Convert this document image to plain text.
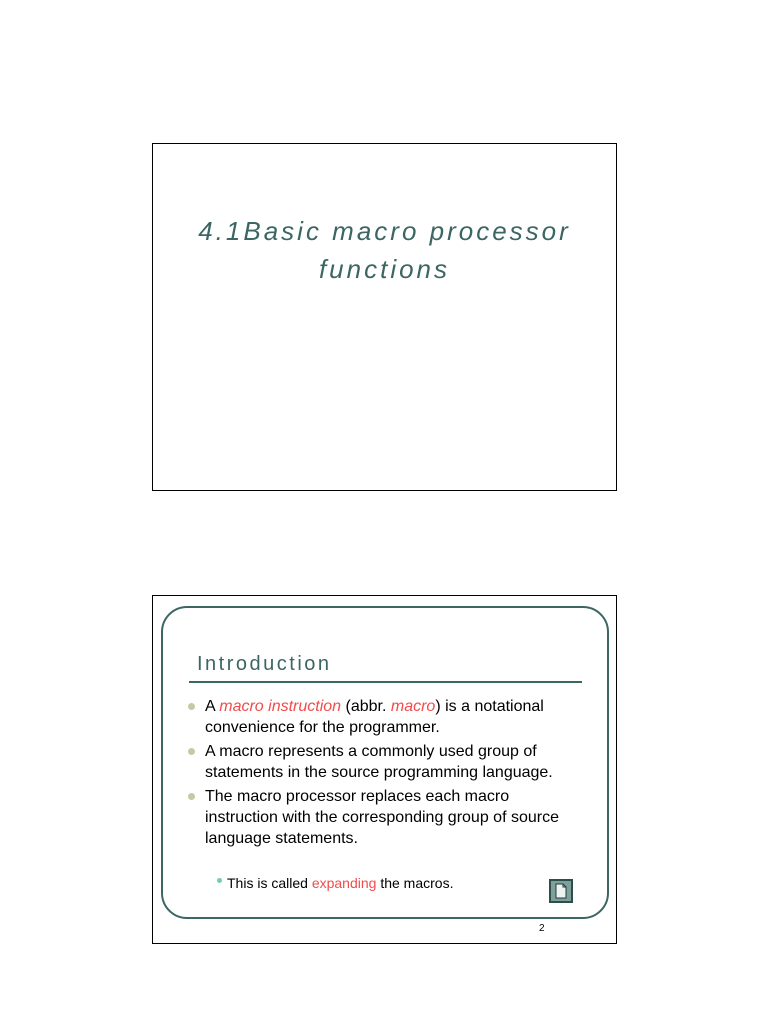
4.1Basic macro processor
functions
Introduction
A macro instruction (abbr. macro) is a notational convenience for the programmer.
A macro represents a commonly used group of statements in the source programming language.
The macro processor replaces each macro instruction with the corresponding group of source language statements.
This is called expanding the macros.
2
